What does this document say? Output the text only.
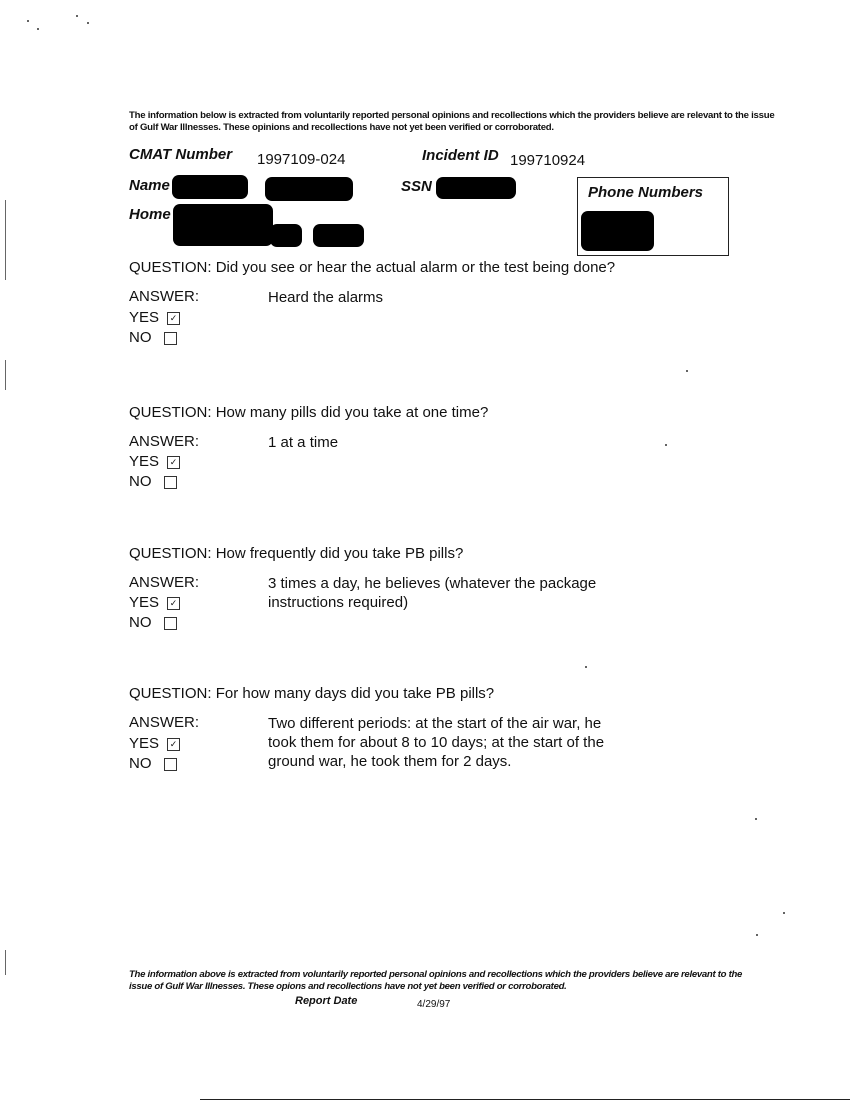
The information below is extracted from voluntarily reported personal opinions and recollections which the providers believe are relevant to the issue of Gulf War Illnesses. These opinions and recollections have not yet been verified or corroborated.
CMAT Number 1997109-024	Incident ID 199710924
Name	SSN
Home
Phone Numbers
QUESTION: Did you see or hear the actual alarm or the test being done?
ANSWER:	Heard the alarms
YES ✓
NO
QUESTION: How many pills did you take at one time?
ANSWER:	1 at a time
YES ✓
NO
QUESTION: How frequently did you take PB pills?
ANSWER:	3 times a day, he believes (whatever the package instructions required)
YES ✓
NO
QUESTION: For how many days did you take PB pills?
ANSWER:	Two different periods: at the start of the air war, he took them for about 8 to 10 days; at the start of the ground war, he took them for 2 days.
YES ✓
NO
The information above is extracted from voluntarily reported personal opinions and recollections which the providers believe are relevant to the issue of Gulf War Illnesses. These opions and recollections have not yet been verified or corroborated.
Report Date	4/29/97
